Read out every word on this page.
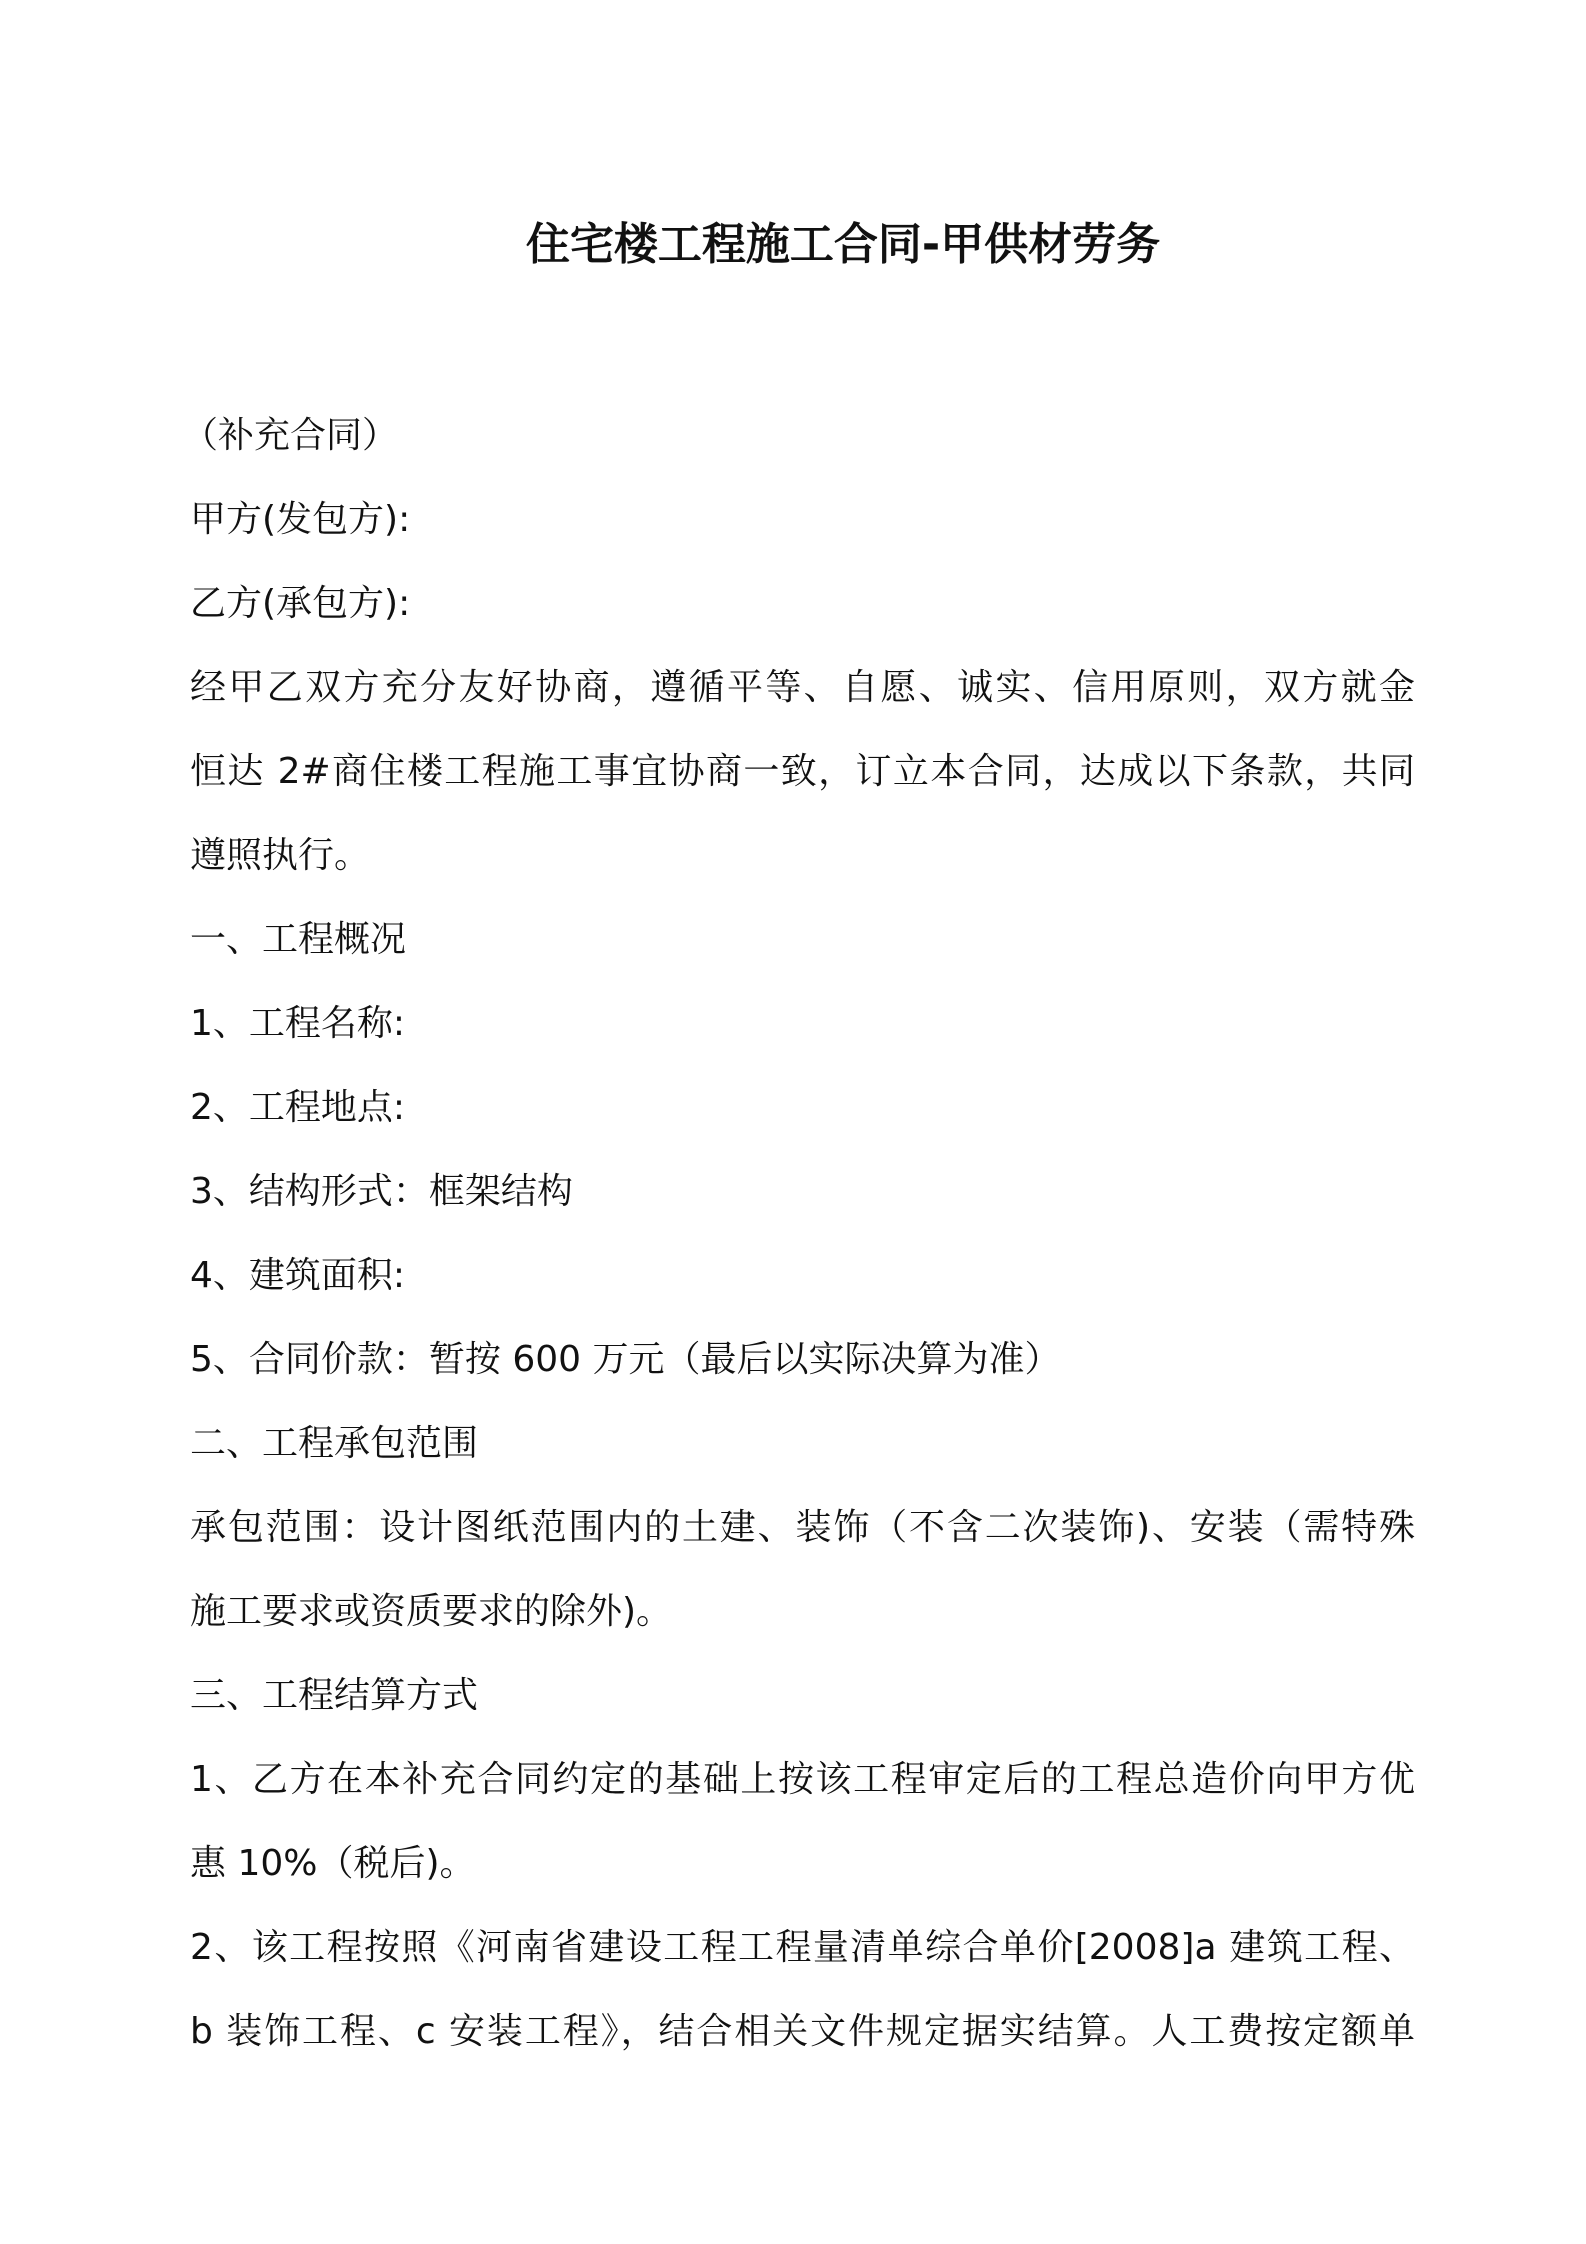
住宅楼工程施工合同-甲供材劳务
（补充合同）
甲方(发包方):
乙方(承包方):
经甲乙双方充分友好协商，遵循平等、自愿、诚实、信用原则，双方就金
恒达 2#商住楼工程施工事宜协商一致，订立本合同，达成以下条款，共同
遵照执行。
一、工程概况
1、工程名称:
2、工程地点:
3、结构形式：框架结构
4、建筑面积:
5、合同价款：暂按 600 万元（最后以实际决算为准）
二、工程承包范围
承包范围：设计图纸范围内的土建、装饰（不含二次装饰)、安装（需特殊
施工要求或资质要求的除外)。
三、工程结算方式
1、乙方在本补充合同约定的基础上按该工程审定后的工程总造价向甲方优
惠 10%（税后)。
2、该工程按照《河南省建设工程工程量清单综合单价[2008]a 建筑工程、
b 装饰工程、c 安装工程》，结合相关文件规定据实结算。人工费按定额单
